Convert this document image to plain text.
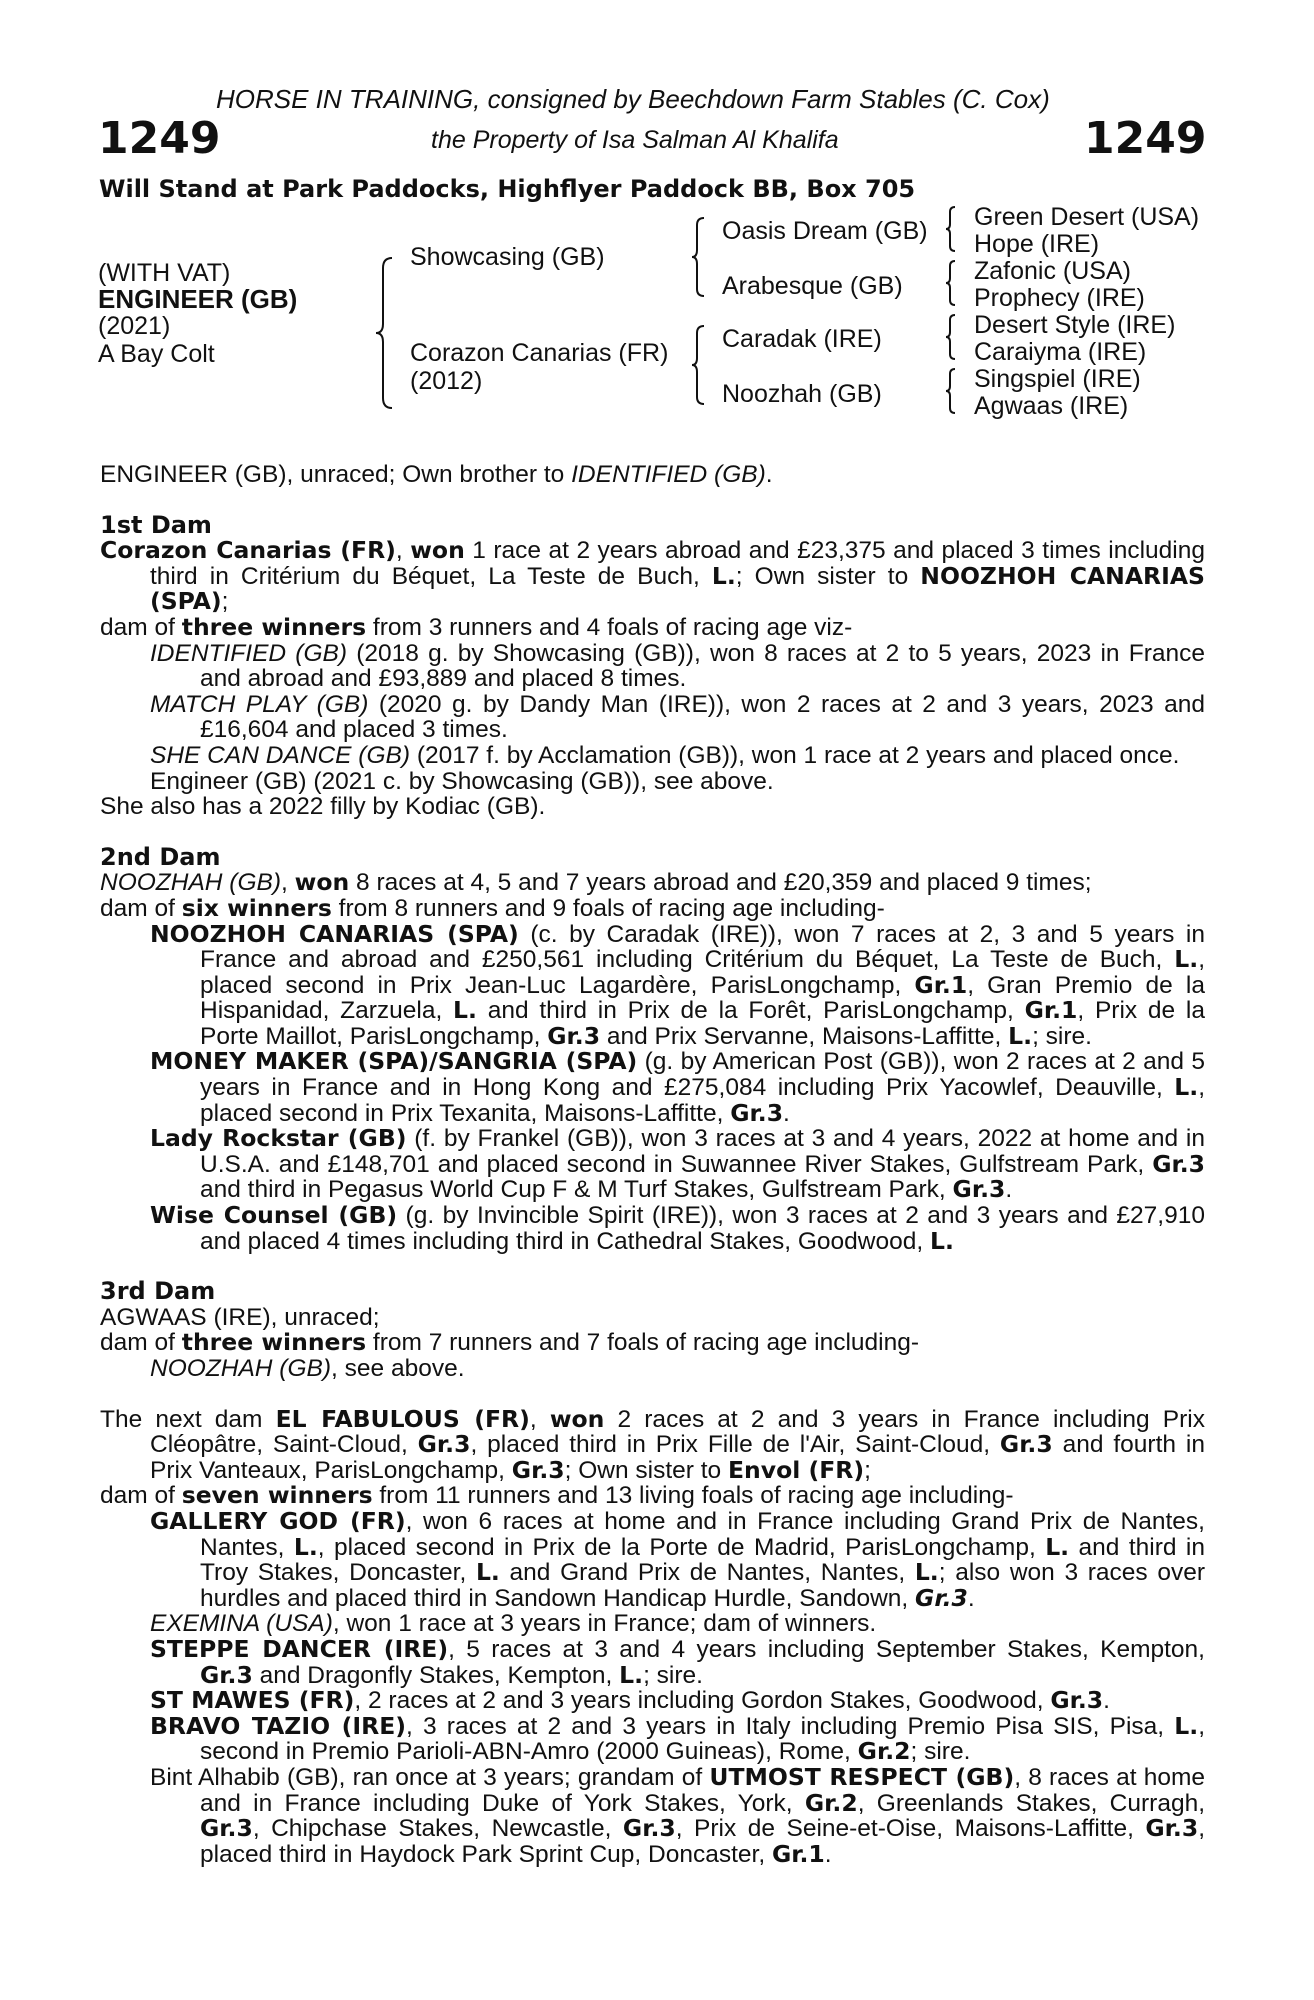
HORSE IN TRAINING, consigned by Beechdown Farm Stables (C. Cox)
the Property of Isa Salman Al Khalifa
1249	1249
Will Stand at Park Paddocks, Highflyer Paddock BB, Box 705
(WITH VAT)
ENGINEER (GB)
(2021)
A Bay Colt
Showcasing (GB)
Corazon Canarias (FR)
(2012)
Oasis Dream (GB)
Arabesque (GB)
Caradak (IRE)
Noozhah (GB)
Green Desert (USA)
Hope (IRE)
Zafonic (USA)
Prophecy (IRE)
Desert Style (IRE)
Caraiyma (IRE)
Singspiel (IRE)
Agwaas (IRE)

ENGINEER (GB), unraced; Own brother to IDENTIFIED (GB).

1st Dam

Corazon Canarias (FR), won 1 race at 2 years abroad and £23,375 and placed 3 times including third in Critérium du Béquet, La Teste de Buch, L.; Own sister to NOOZHOH CANARIAS (SPA);

dam of three winners from 3 runners and 4 foals of racing age viz-

IDENTIFIED (GB) (2018 g. by Showcasing (GB)), won 8 races at 2 to 5 years, 2023 in France and abroad and £93,889 and placed 8 times.

MATCH PLAY (GB) (2020 g. by Dandy Man (IRE)), won 2 races at 2 and 3 years, 2023 and £16,604 and placed 3 times.

SHE CAN DANCE (GB) (2017 f. by Acclamation (GB)), won 1 race at 2 years and placed once.

Engineer (GB) (2021 c. by Showcasing (GB)), see above.

She also has a 2022 filly by Kodiac (GB).

2nd Dam

NOOZHAH (GB), won 8 races at 4, 5 and 7 years abroad and £20,359 and placed 9 times;

dam of six winners from 8 runners and 9 foals of racing age including-

NOOZHOH CANARIAS (SPA) (c. by Caradak (IRE)), won 7 races at 2, 3 and 5 years in France and abroad and £250,561 including Critérium du Béquet, La Teste de Buch, L., placed second in Prix Jean-Luc Lagardère, ParisLongchamp, Gr.1, Gran Premio de la Hispanidad, Zarzuela, L. and third in Prix de la Forêt, ParisLongchamp, Gr.1, Prix de la Porte Maillot, ParisLongchamp, Gr.3 and Prix Servanne, Maisons-Laffitte, L.; sire.

MONEY MAKER (SPA)/SANGRIA (SPA) (g. by American Post (GB)), won 2 races at 2 and 5 years in France and in Hong Kong and £275,084 including Prix Yacowlef, Deauville, L., placed second in Prix Texanita, Maisons-Laffitte, Gr.3.

Lady Rockstar (GB) (f. by Frankel (GB)), won 3 races at 3 and 4 years, 2022 at home and in U.S.A. and £148,701 and placed second in Suwannee River Stakes, Gulfstream Park, Gr.3 and third in Pegasus World Cup F & M Turf Stakes, Gulfstream Park, Gr.3.

Wise Counsel (GB) (g. by Invincible Spirit (IRE)), won 3 races at 2 and 3 years and £27,910 and placed 4 times including third in Cathedral Stakes, Goodwood, L.

3rd Dam

AGWAAS (IRE), unraced;

dam of three winners from 7 runners and 7 foals of racing age including-

NOOZHAH (GB), see above.

The next dam EL FABULOUS (FR), won 2 races at 2 and 3 years in France including Prix Cléopâtre, Saint-Cloud, Gr.3, placed third in Prix Fille de l'Air, Saint-Cloud, Gr.3 and fourth in Prix Vanteaux, ParisLongchamp, Gr.3; Own sister to Envol (FR);

dam of seven winners from 11 runners and 13 living foals of racing age including-

GALLERY GOD (FR), won 6 races at home and in France including Grand Prix de Nantes, Nantes, L., placed second in Prix de la Porte de Madrid, ParisLongchamp, L. and third in Troy Stakes, Doncaster, L. and Grand Prix de Nantes, Nantes, L.; also won 3 races over hurdles and placed third in Sandown Handicap Hurdle, Sandown, Gr.3.

EXEMINA (USA), won 1 race at 3 years in France; dam of winners.

STEPPE DANCER (IRE), 5 races at 3 and 4 years including September Stakes, Kempton, Gr.3 and Dragonfly Stakes, Kempton, L.; sire.

ST MAWES (FR), 2 races at 2 and 3 years including Gordon Stakes, Goodwood, Gr.3.

BRAVO TAZIO (IRE), 3 races at 2 and 3 years in Italy including Premio Pisa SIS, Pisa, L., second in Premio Parioli-ABN-Amro (2000 Guineas), Rome, Gr.2; sire.

Bint Alhabib (GB), ran once at 3 years; grandam of UTMOST RESPECT (GB), 8 races at home and in France including Duke of York Stakes, York, Gr.2, Greenlands Stakes, Curragh, Gr.3, Chipchase Stakes, Newcastle, Gr.3, Prix de Seine-et-Oise, Maisons-Laffitte, Gr.3, placed third in Haydock Park Sprint Cup, Doncaster, Gr.1.
